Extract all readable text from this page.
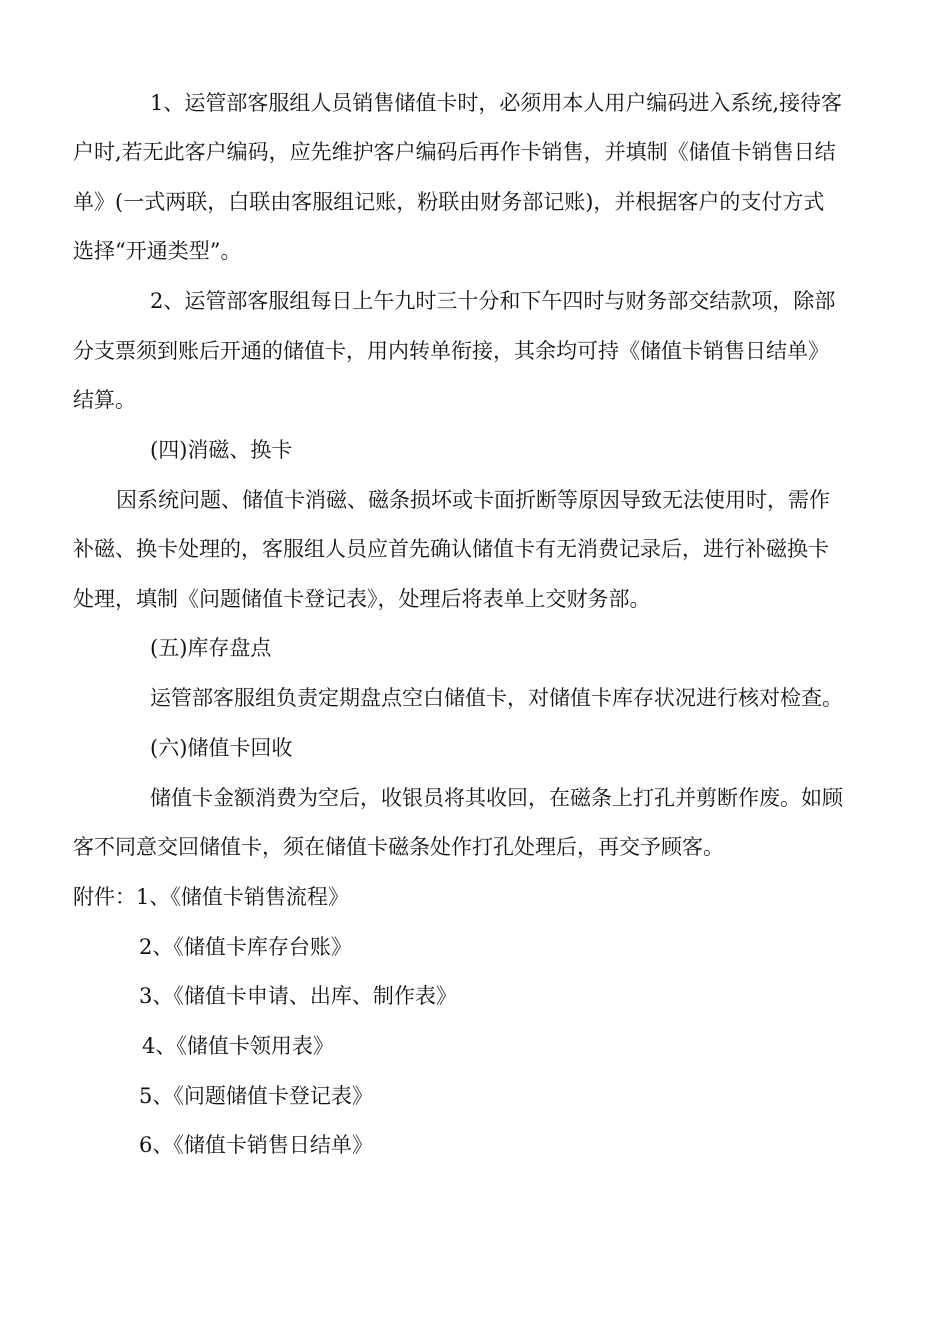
1、运管部客服组人员销售储值卡时，必须用本人用户编码进入系统,接待客
户时,若无此客户编码，应先维护客户编码后再作卡销售，并填制《储值卡销售日结
单》(一式两联，白联由客服组记账，粉联由财务部记账)，并根据客户的支付方式
选择“开通类型”。
2、运管部客服组每日上午九时三十分和下午四时与财务部交结款项，除部
分支票须到账后开通的储值卡，用内转单衔接，其余均可持《储值卡销售日结单》
结算。
(四)消磁、换卡
因系统问题、储值卡消磁、磁条损坏或卡面折断等原因导致无法使用时，需作
补磁、换卡处理的，客服组人员应首先确认储值卡有无消费记录后，进行补磁换卡
处理，填制《问题储值卡登记表》，处理后将表单上交财务部。
(五)库存盘点
运管部客服组负责定期盘点空白储值卡，对储值卡库存状况进行核对检查。
(六)储值卡回收
储值卡金额消费为空后，收银员将其收回，在磁条上打孔并剪断作废。如顾
客不同意交回储值卡，须在储值卡磁条处作打孔处理后，再交予顾客。
附件： 1、《储值卡销售流程》
2、《储值卡库存台账》
3、《储值卡申请、出库、制作表》
4、《储值卡领用表》
5、《问题储值卡登记表》
6、《储值卡销售日结单》
